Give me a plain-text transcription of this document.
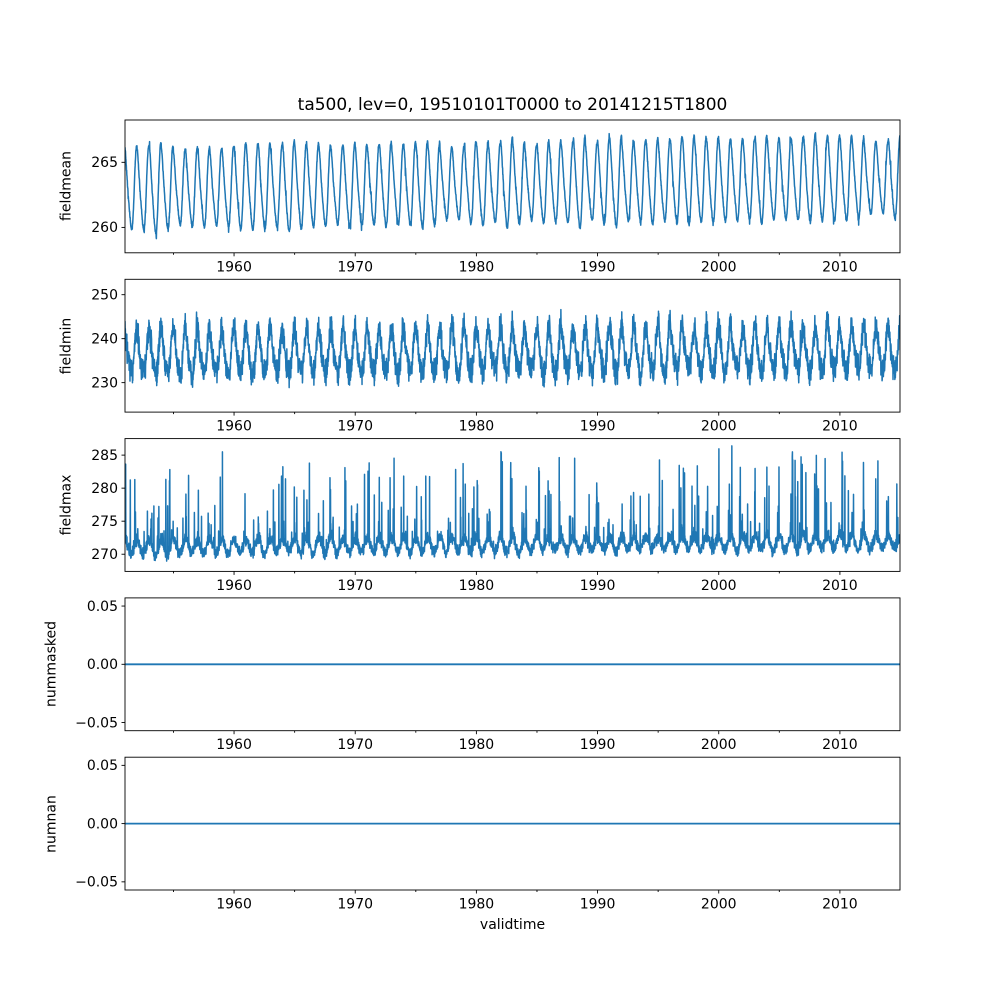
ta500, lev=0, 19510101T0000 to 20141215T1800
fieldmean
fieldmin
fieldmax
nummasked
numnan
validtime
260
265
1960	1970	1980	1990	2000	2010
230
240
250
1960	1970	1980	1990	2000	2010
270
275
280
285
1960	1970	1980	1990	2000	2010
−0.05
0.00
0.05
1960	1970	1980	1990	2000	2010
−0.05
0.00
0.05
1960	1970	1980	1990	2000	2010
